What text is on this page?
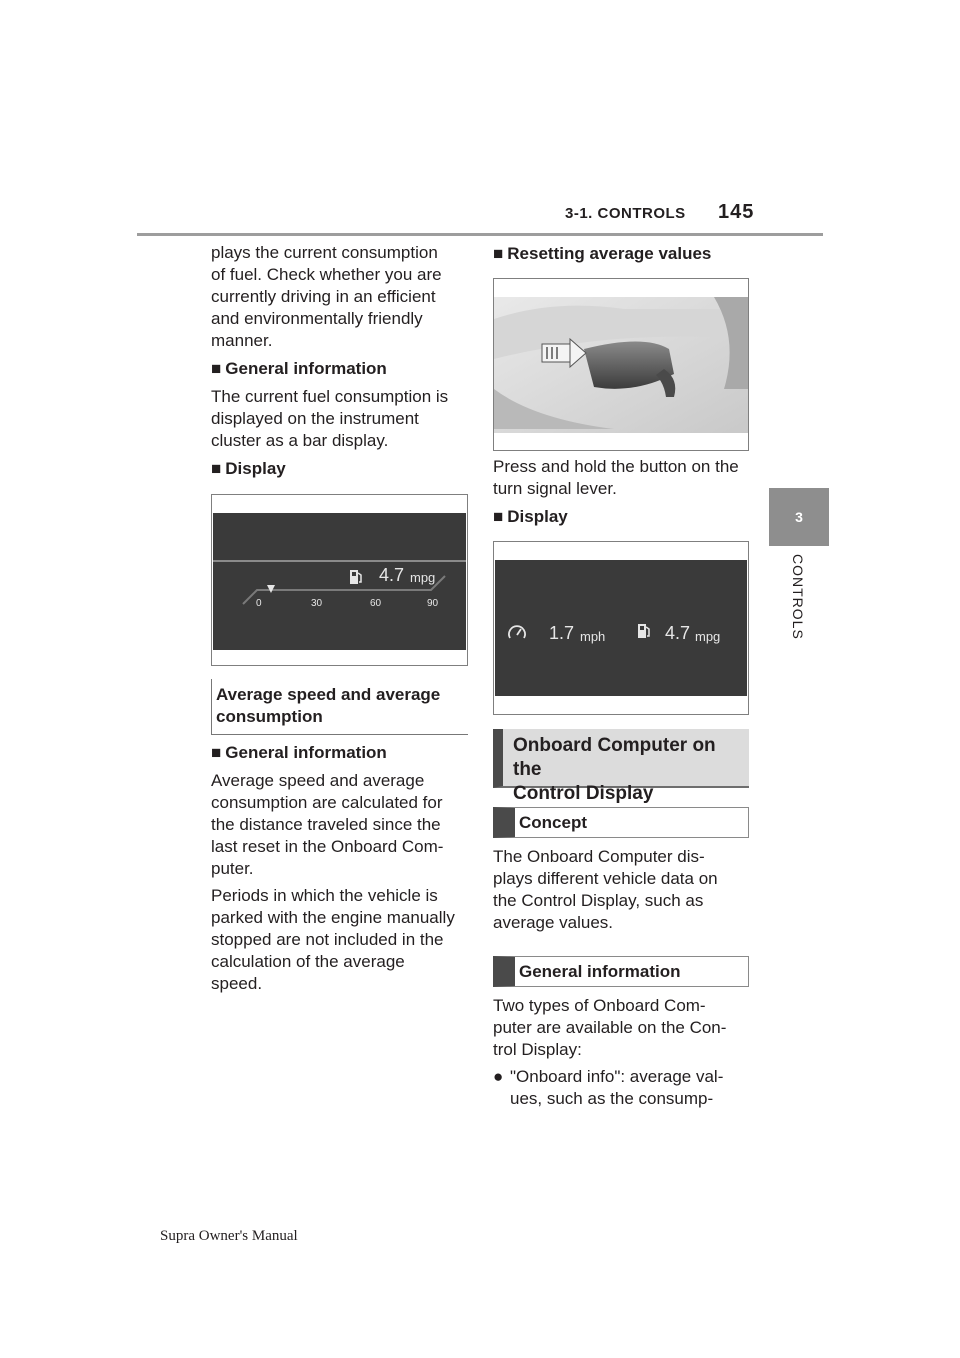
3-1. CONTROLS 145
3
CONTROLS
plays the current consumption
of fuel. Check whether you are
currently driving in an efficient
and environmentally friendly
manner.
■ General information
The current fuel consumption is
displayed on the instrument
cluster as a bar display.
■ Display
4.7 mpg
0	30	60	90
Average speed and average
consumption
■ General information
Average speed and average
consumption are calculated for
the distance traveled since the
last reset in the Onboard Com-
puter.
Periods in which the vehicle is
parked with the engine manually
stopped are not included in the
calculation of the average
speed.
■ Resetting average values
Press and hold the button on the
turn signal lever.
■ Display
1.7 mph	4.7 mpg
Onboard Computer on the
Control Display
Concept
The Onboard Computer dis-
plays different vehicle data on
the Control Display, such as
average values.
General information
Two types of Onboard Com-
puter are available on the Con-
trol Display:
● "Onboard info": average val-
ues, such as the consump-
Supra Owner's Manual
